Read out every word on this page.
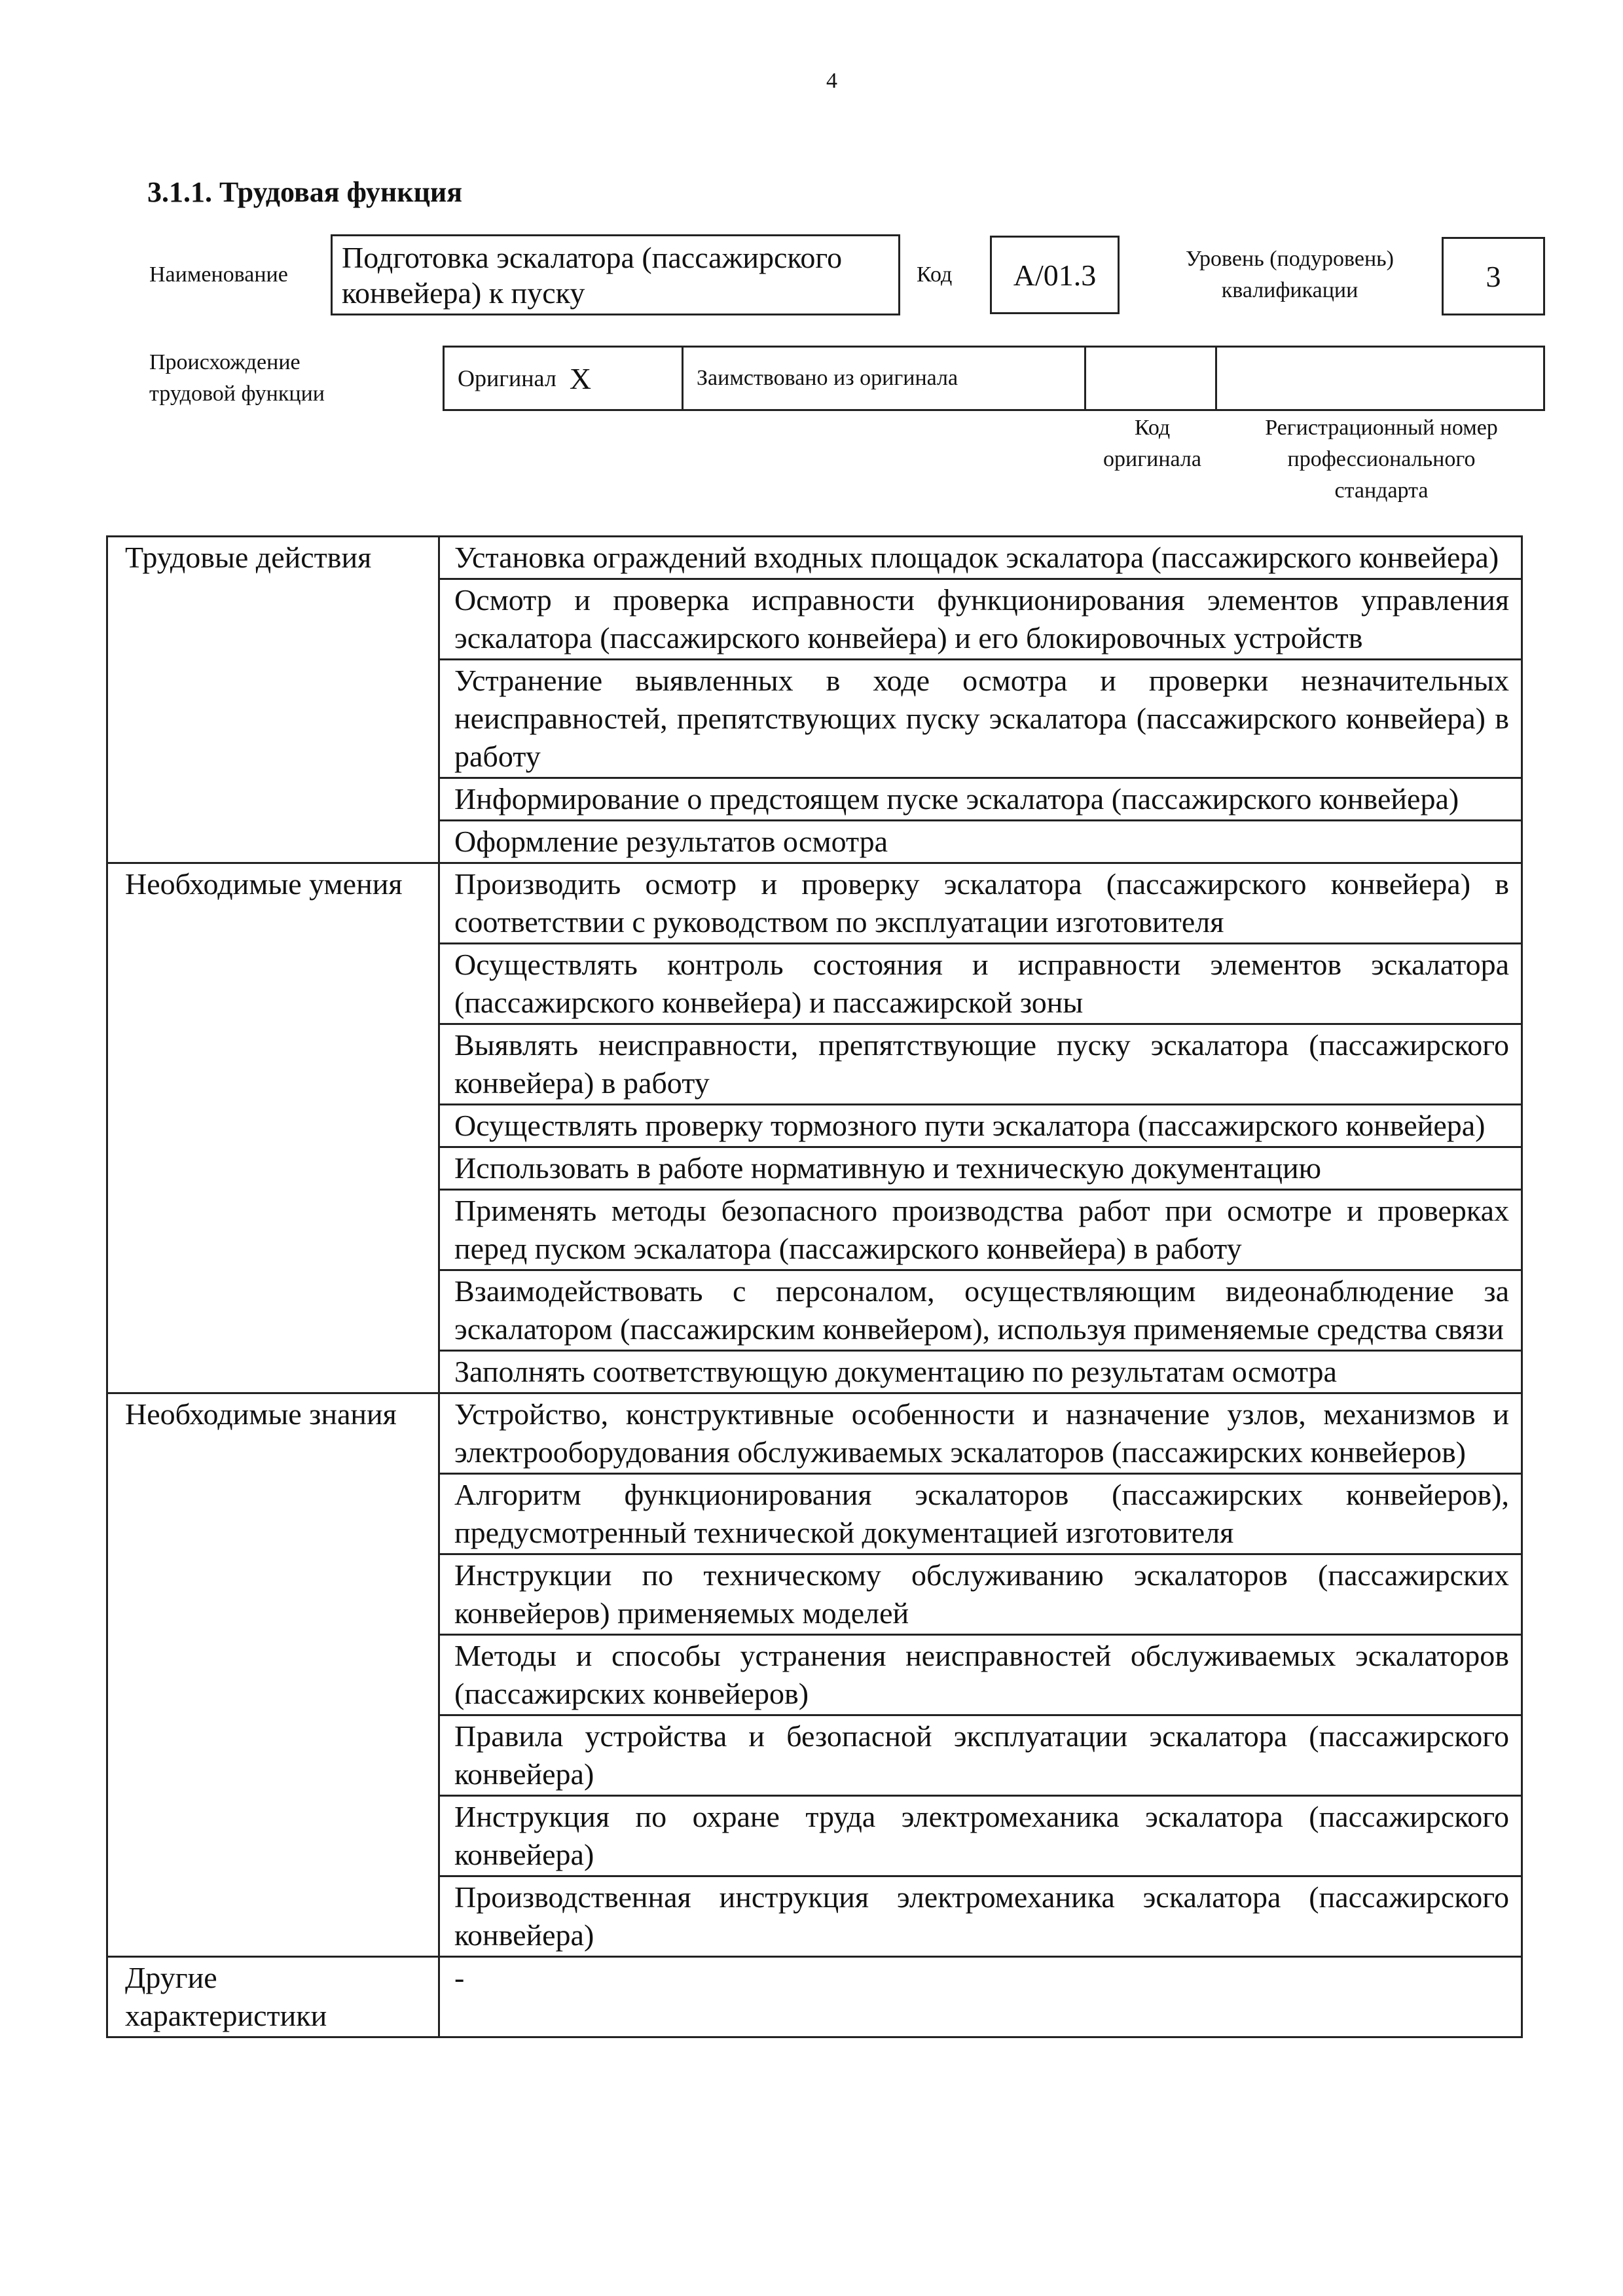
4
3.1.1. Трудовая функция
Наименование
Подготовка эскалатора (пассажирского конвейера) к пуску
Код	A/01.3	Уровень (подуровень)
квалификации	3
Происхождение
трудовой функции
Оригинал X	Заимствовано из оригинала
Код
оригинала
Регистрационный номер
профессионального
стандарта
Трудовые действия	Установка ограждений входных площадок эскалатора (пассажирского конвейера)
	Осмотр и проверка исправности функционирования элементов управления эскалатора (пассажирского конвейера) и его блокировочных устройств
	Устранение выявленных в ходе осмотра и проверки незначительных неисправностей, препятствующих пуску эскалатора (пассажирского конвейера) в работу
	Информирование о предстоящем пуске эскалатора (пассажирского конвейера)
	Оформление результатов осмотра
Необходимые умения	Производить осмотр и проверку эскалатора (пассажирского конвейера) в соответствии с руководством по эксплуатации изготовителя
	Осуществлять контроль состояния и исправности элементов эскалатора (пассажирского конвейера) и пассажирской зоны
	Выявлять неисправности, препятствующие пуску эскалатора (пассажирского конвейера) в работу
	Осуществлять проверку тормозного пути эскалатора (пассажирского конвейера)
	Использовать в работе нормативную и техническую документацию
	Применять методы безопасного производства работ при осмотре и проверках перед пуском эскалатора (пассажирского конвейера) в работу
	Взаимодействовать с персоналом, осуществляющим видеонаблюдение за эскалатором (пассажирским конвейером), используя применяемые средства связи
	Заполнять соответствующую документацию по результатам осмотра
Необходимые знания	Устройство, конструктивные особенности и назначение узлов, механизмов и электрооборудования обслуживаемых эскалаторов (пассажирских конвейеров)
	Алгоритм функционирования эскалаторов (пассажирских конвейеров), предусмотренный технической документацией изготовителя
	Инструкции по техническому обслуживанию эскалаторов (пассажирских конвейеров) применяемых моделей
	Методы и способы устранения неисправностей обслуживаемых эскалаторов (пассажирских конвейеров)
	Правила устройства и безопасной эксплуатации эскалатора (пассажирского конвейера)
	Инструкция по охране труда электромеханика эскалатора (пассажирского конвейера)
	Производственная инструкция электромеханика эскалатора (пассажирского конвейера)
Другие характеристики	-
